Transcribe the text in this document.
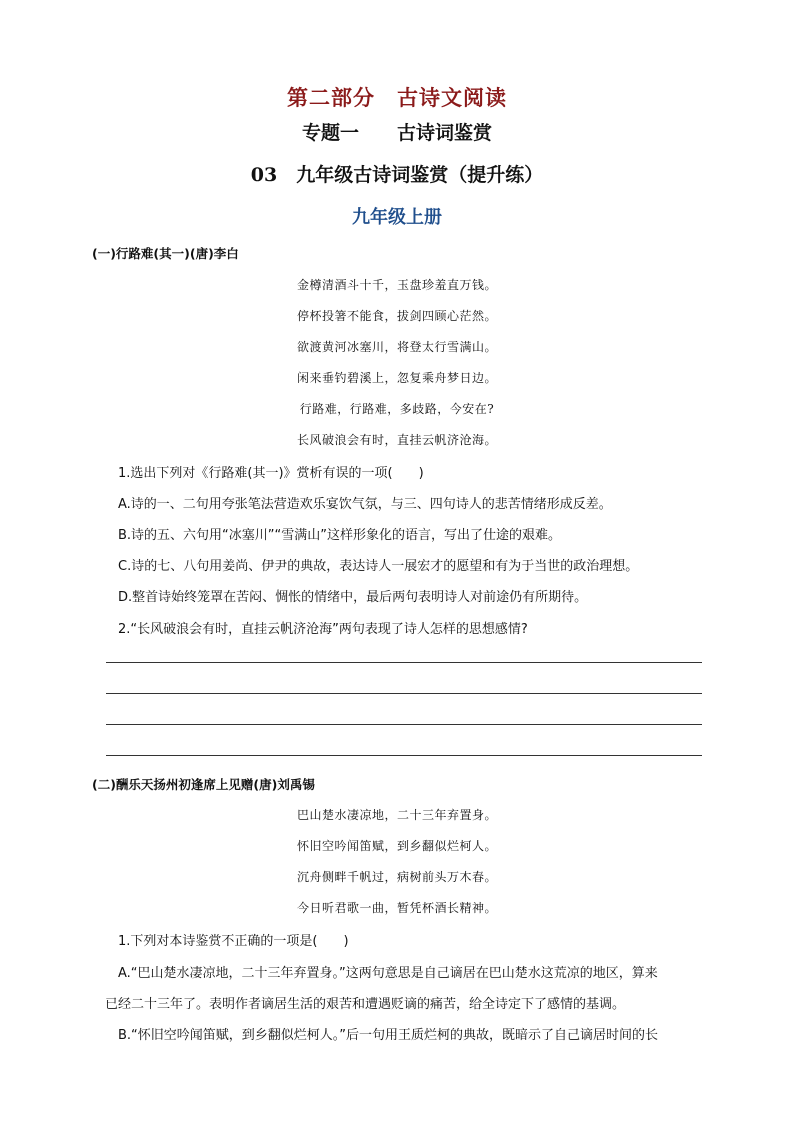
第二部分　古诗文阅读
专题一　　古诗词鉴赏
03　九年级古诗词鉴赏（提升练）
九年级上册
(一)行路难(其一)(唐)李白
金樽清酒斗十千，玉盘珍羞直万钱。
停杯投箸不能食，拔剑四顾心茫然。
欲渡黄河冰塞川，将登太行雪满山。
闲来垂钓碧溪上，忽复乘舟梦日边。
行路难，行路难，多歧路，今安在?
长风破浪会有时，直挂云帆济沧海。
1.选出下列对《行路难(其一)》赏析有误的一项(　　)
A.诗的一、二句用夸张笔法营造欢乐宴饮气氛，与三、四句诗人的悲苦情绪形成反差。
B.诗的五、六句用“冰塞川”“雪满山”这样形象化的语言，写出了仕途的艰难。
C.诗的七、八句用姜尚、伊尹的典故，表达诗人一展宏才的愿望和有为于当世的政治理想。
D.整首诗始终笼罩在苦闷、惆怅的情绪中，最后两句表明诗人对前途仍有所期待。
2.“长风破浪会有时，直挂云帆济沧海”两句表现了诗人怎样的思想感情?
(二)酬乐天扬州初逢席上见赠(唐)刘禹锡
巴山楚水凄凉地，二十三年弃置身。
怀旧空吟闻笛赋，到乡翻似烂柯人。
沉舟侧畔千帆过，病树前头万木春。
今日听君歌一曲，暂凭杯酒长精神。
1.下列对本诗鉴赏不正确的一项是(　　)
A.“巴山楚水凄凉地，二十三年弃置身。”这两句意思是自己谪居在巴山楚水这荒凉的地区，算来
已经二十三年了。表明作者谪居生活的艰苦和遭遇贬谪的痛苦，给全诗定下了感情的基调。
B.“怀旧空吟闻笛赋，到乡翻似烂柯人。”后一句用王质烂柯的典故，既暗示了自己谪居时间的长
